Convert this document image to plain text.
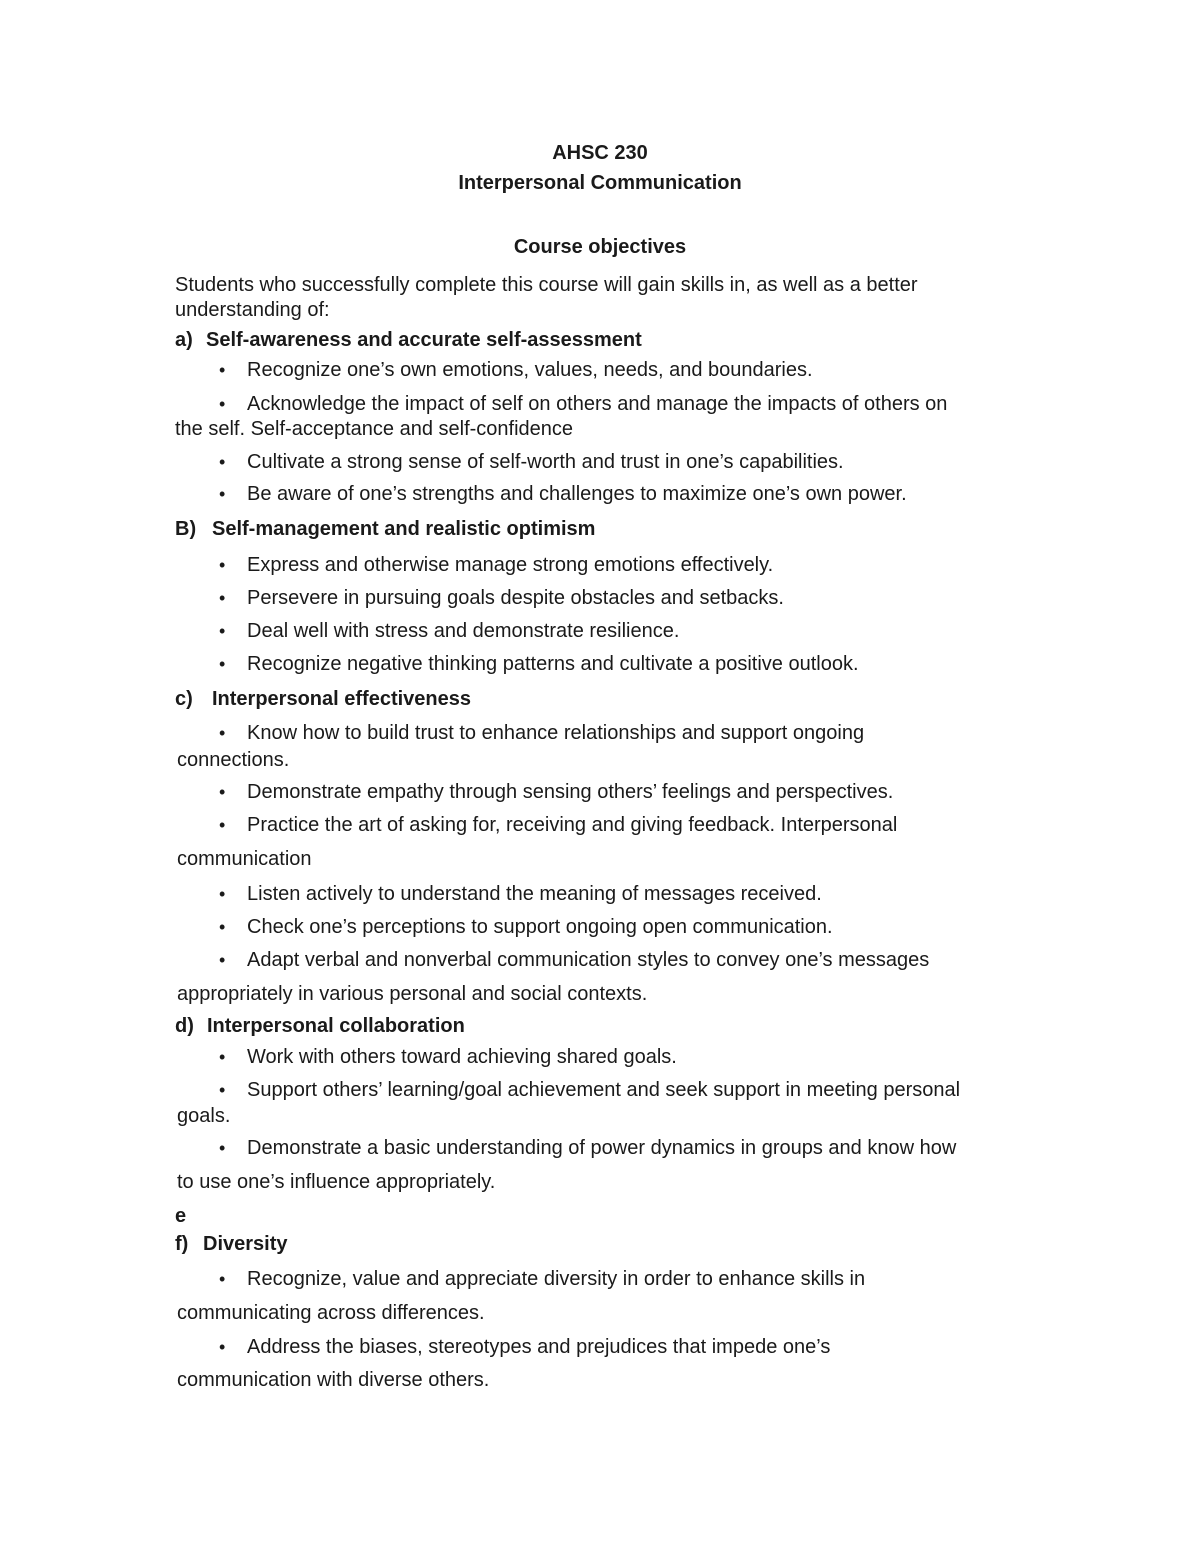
AHSC 230
Interpersonal Communication
Course objectives
Students who successfully complete this course will gain skills in, as well as a better
understanding of:
a) Self-awareness and accurate self-assessment
• Recognize one’s own emotions, values, needs, and boundaries.
• Acknowledge the impact of self on others and manage the impacts of others on
the self. Self-acceptance and self-confidence
• Cultivate a strong sense of self-worth and trust in one’s capabilities.
• Be aware of one’s strengths and challenges to maximize one’s own power.
B) Self-management and realistic optimism
• Express and otherwise manage strong emotions effectively.
• Persevere in pursuing goals despite obstacles and setbacks.
• Deal well with stress and demonstrate resilience.
• Recognize negative thinking patterns and cultivate a positive outlook.
c) Interpersonal effectiveness
• Know how to build trust to enhance relationships and support ongoing
connections.
• Demonstrate empathy through sensing others’ feelings and perspectives.
• Practice the art of asking for, receiving and giving feedback. Interpersonal
communication
• Listen actively to understand the meaning of messages received.
• Check one’s perceptions to support ongoing open communication.
• Adapt verbal and nonverbal communication styles to convey one’s messages
appropriately in various personal and social contexts.
d) Interpersonal collaboration
• Work with others toward achieving shared goals.
• Support others’ learning/goal achievement and seek support in meeting personal
goals.
• Demonstrate a basic understanding of power dynamics in groups and know how
to use one’s influence appropriately.
e
f) Diversity
• Recognize, value and appreciate diversity in order to enhance skills in
communicating across differences.
• Address the biases, stereotypes and prejudices that impede one’s
communication with diverse others.
